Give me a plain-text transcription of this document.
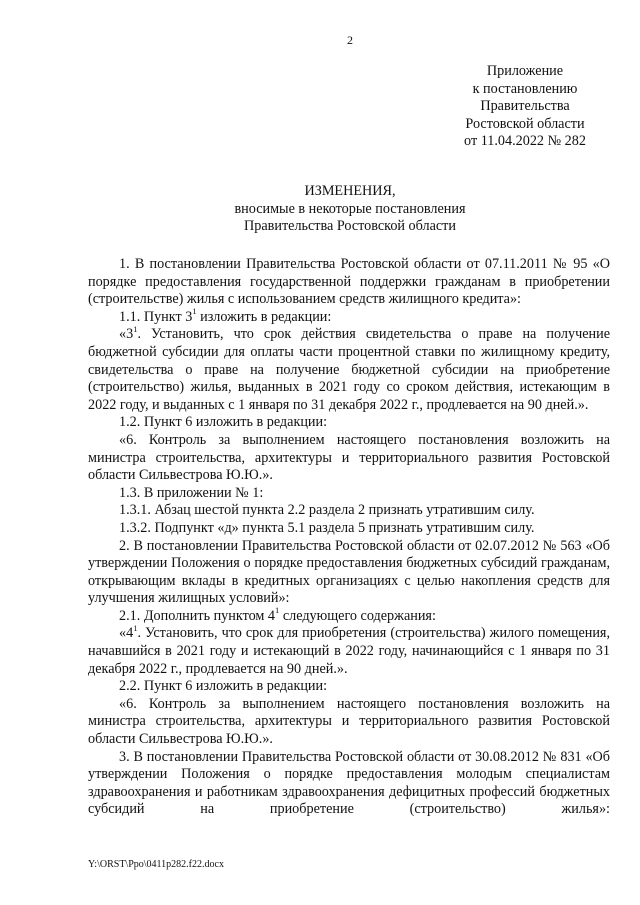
2
Приложение
к постановлению
Правительства
Ростовской области
от 11.04.2022 № 282
ИЗМЕНЕНИЯ,
вносимые в некоторые постановления
Правительства Ростовской области

1. В постановлении Правительства Ростовской области от 07.11.2011 № 95 «О порядке предоставления государственной поддержки гражданам в приобретении (строительстве) жилья с использованием средств жилищного кредита»:

1.1. Пункт $3^1$ изложить в редакции:

«$3^1$. Установить, что срок действия свидетельства о праве на получение бюджетной субсидии для оплаты части процентной ставки по жилищному кредиту, свидетельства о праве на получение бюджетной субсидии на приобретение (строительство) жилья, выданных в 2021 году со сроком действия, истекающим в 2022 году, и выданных с 1 января по 31 декабря 2022 г., продлевается на 90 дней.».

1.2. Пункт 6 изложить в редакции:

«6. Контроль за выполнением настоящего постановления возложить на министра строительства, архитектуры и территориального развития Ростовской области Сильвестрова Ю.Ю.».

1.3. В приложении № 1:

1.3.1. Абзац шестой пункта 2.2 раздела 2 признать утратившим силу.

1.3.2. Подпункт «д» пункта 5.1 раздела 5 признать утратившим силу.

2. В постановлении Правительства Ростовской области от 02.07.2012 № 563 «Об утверждении Положения о порядке предоставления бюджетных субсидий гражданам, открывающим вклады в кредитных организациях с целью накопления средств для улучшения жилищных условий»:

2.1. Дополнить пунктом $4^1$ следующего содержания:

«$4^1$. Установить, что срок для приобретения (строительства) жилого помещения, начавшийся в 2021 году и истекающий в 2022 году, начинающийся с 1 января по 31 декабря 2022 г., продлевается на 90 дней.».

2.2. Пункт 6 изложить в редакции:

«6. Контроль за выполнением настоящего постановления возложить на министра строительства, архитектуры и территориального развития Ростовской области Сильвестрова Ю.Ю.».

3. В постановлении Правительства Ростовской области от 30.08.2012 № 831 «Об утверждении Положения о порядке предоставления молодым специалистам здравоохранения и работникам здравоохранения дефицитных профессий бюджетных субсидий на приобретение (строительство) жилья»:

Y:\ORST\Ppo\0411p282.f22.docx
